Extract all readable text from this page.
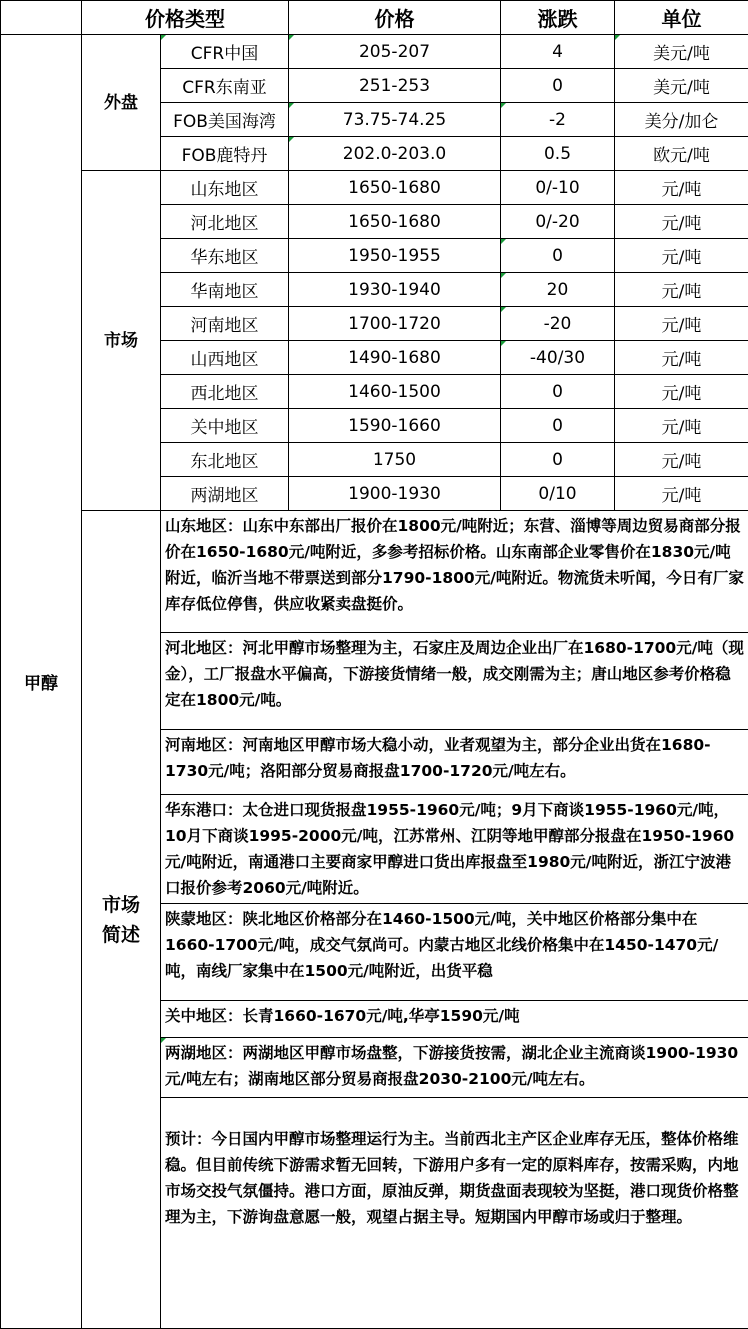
	价格类型		价格	涨跌	单位
甲醇	外盘	CFR中国	205-207	4	美元/吨
		CFR东南亚	251-253	0	美元/吨
		FOB美国海湾	73.75-74.25	-2	美分/加仑
		FOB鹿特丹	202.0-203.0	0.5	欧元/吨
	市场	山东地区	1650-1680	0/-10	元/吨
		河北地区	1650-1680	0/-20	元/吨
		华东地区	1950-1955	0	元/吨
		华南地区	1930-1940	20	元/吨
		河南地区	1700-1720	-20	元/吨
		山西地区	1490-1680	-40/30	元/吨
		西北地区	1460-1500	0	元/吨
		关中地区	1590-1660	0	元/吨
		东北地区	1750	0	元/吨
		两湖地区	1900-1930	0/10	元/吨

	市场
简述	山东地区：山东中东部出厂报价在1800元/吨附近；东营、淄博等周边贸易商部分报价在1650-1680元/吨附近，多参考招标价格。山东南部企业零售价在1830元/吨附近，临沂当地不带票送到部分1790-1800元/吨附近。物流货未听闻，今日有厂家库存低位停售，供应收紧卖盘挺价。			
		河北地区：河北甲醇市场整理为主，石家庄及周边企业出厂在1680-1700元/吨（现金），工厂报盘水平偏高，下游接货情绪一般，成交刚需为主；唐山地区参考价格稳定在1800元/吨。			
		河南地区：河南地区甲醇市场大稳小动，业者观望为主，部分企业出货在1680-1730元/吨；洛阳部分贸易商报盘1700-1720元/吨左右。			
		华东港口：太仓进口现货报盘1955-1960元/吨；9月下商谈1955-1960元/吨，10月下商谈1995-2000元/吨，江苏常州、江阴等地甲醇部分报盘在1950-1960元/吨附近，南通港口主要商家甲醇进口货出库报盘至1980元/吨附近，浙江宁波港口报价参考2060元/吨附近。			
		陕蒙地区：陕北地区价格部分在1460-1500元/吨，关中地区价格部分集中在1660-1700元/吨，成交气氛尚可。内蒙古地区北线价格集中在1450-1470元/吨，南线厂家集中在1500元/吨附近，出货平稳			
		关中地区：长青1660-1670元/吨,华亭1590元/吨			
		两湖地区：两湖地区甲醇市场盘整，下游接货按需，湖北企业主流商谈1900-1930元/吨左右；湖南地区部分贸易商报盘2030-2100元/吨左右。			
		预计：今日国内甲醇市场整理运行为主。当前西北主产区企业库存无压，整体价格维稳。但目前传统下游需求暂无回转，下游用户多有一定的原料库存，按需采购，内地市场交投气氛僵持。港口方面，原油反弹，期货盘面表现较为坚挺，港口现货价格整理为主，下游询盘意愿一般，观望占据主导。短期国内甲醇市场或归于整理。			
